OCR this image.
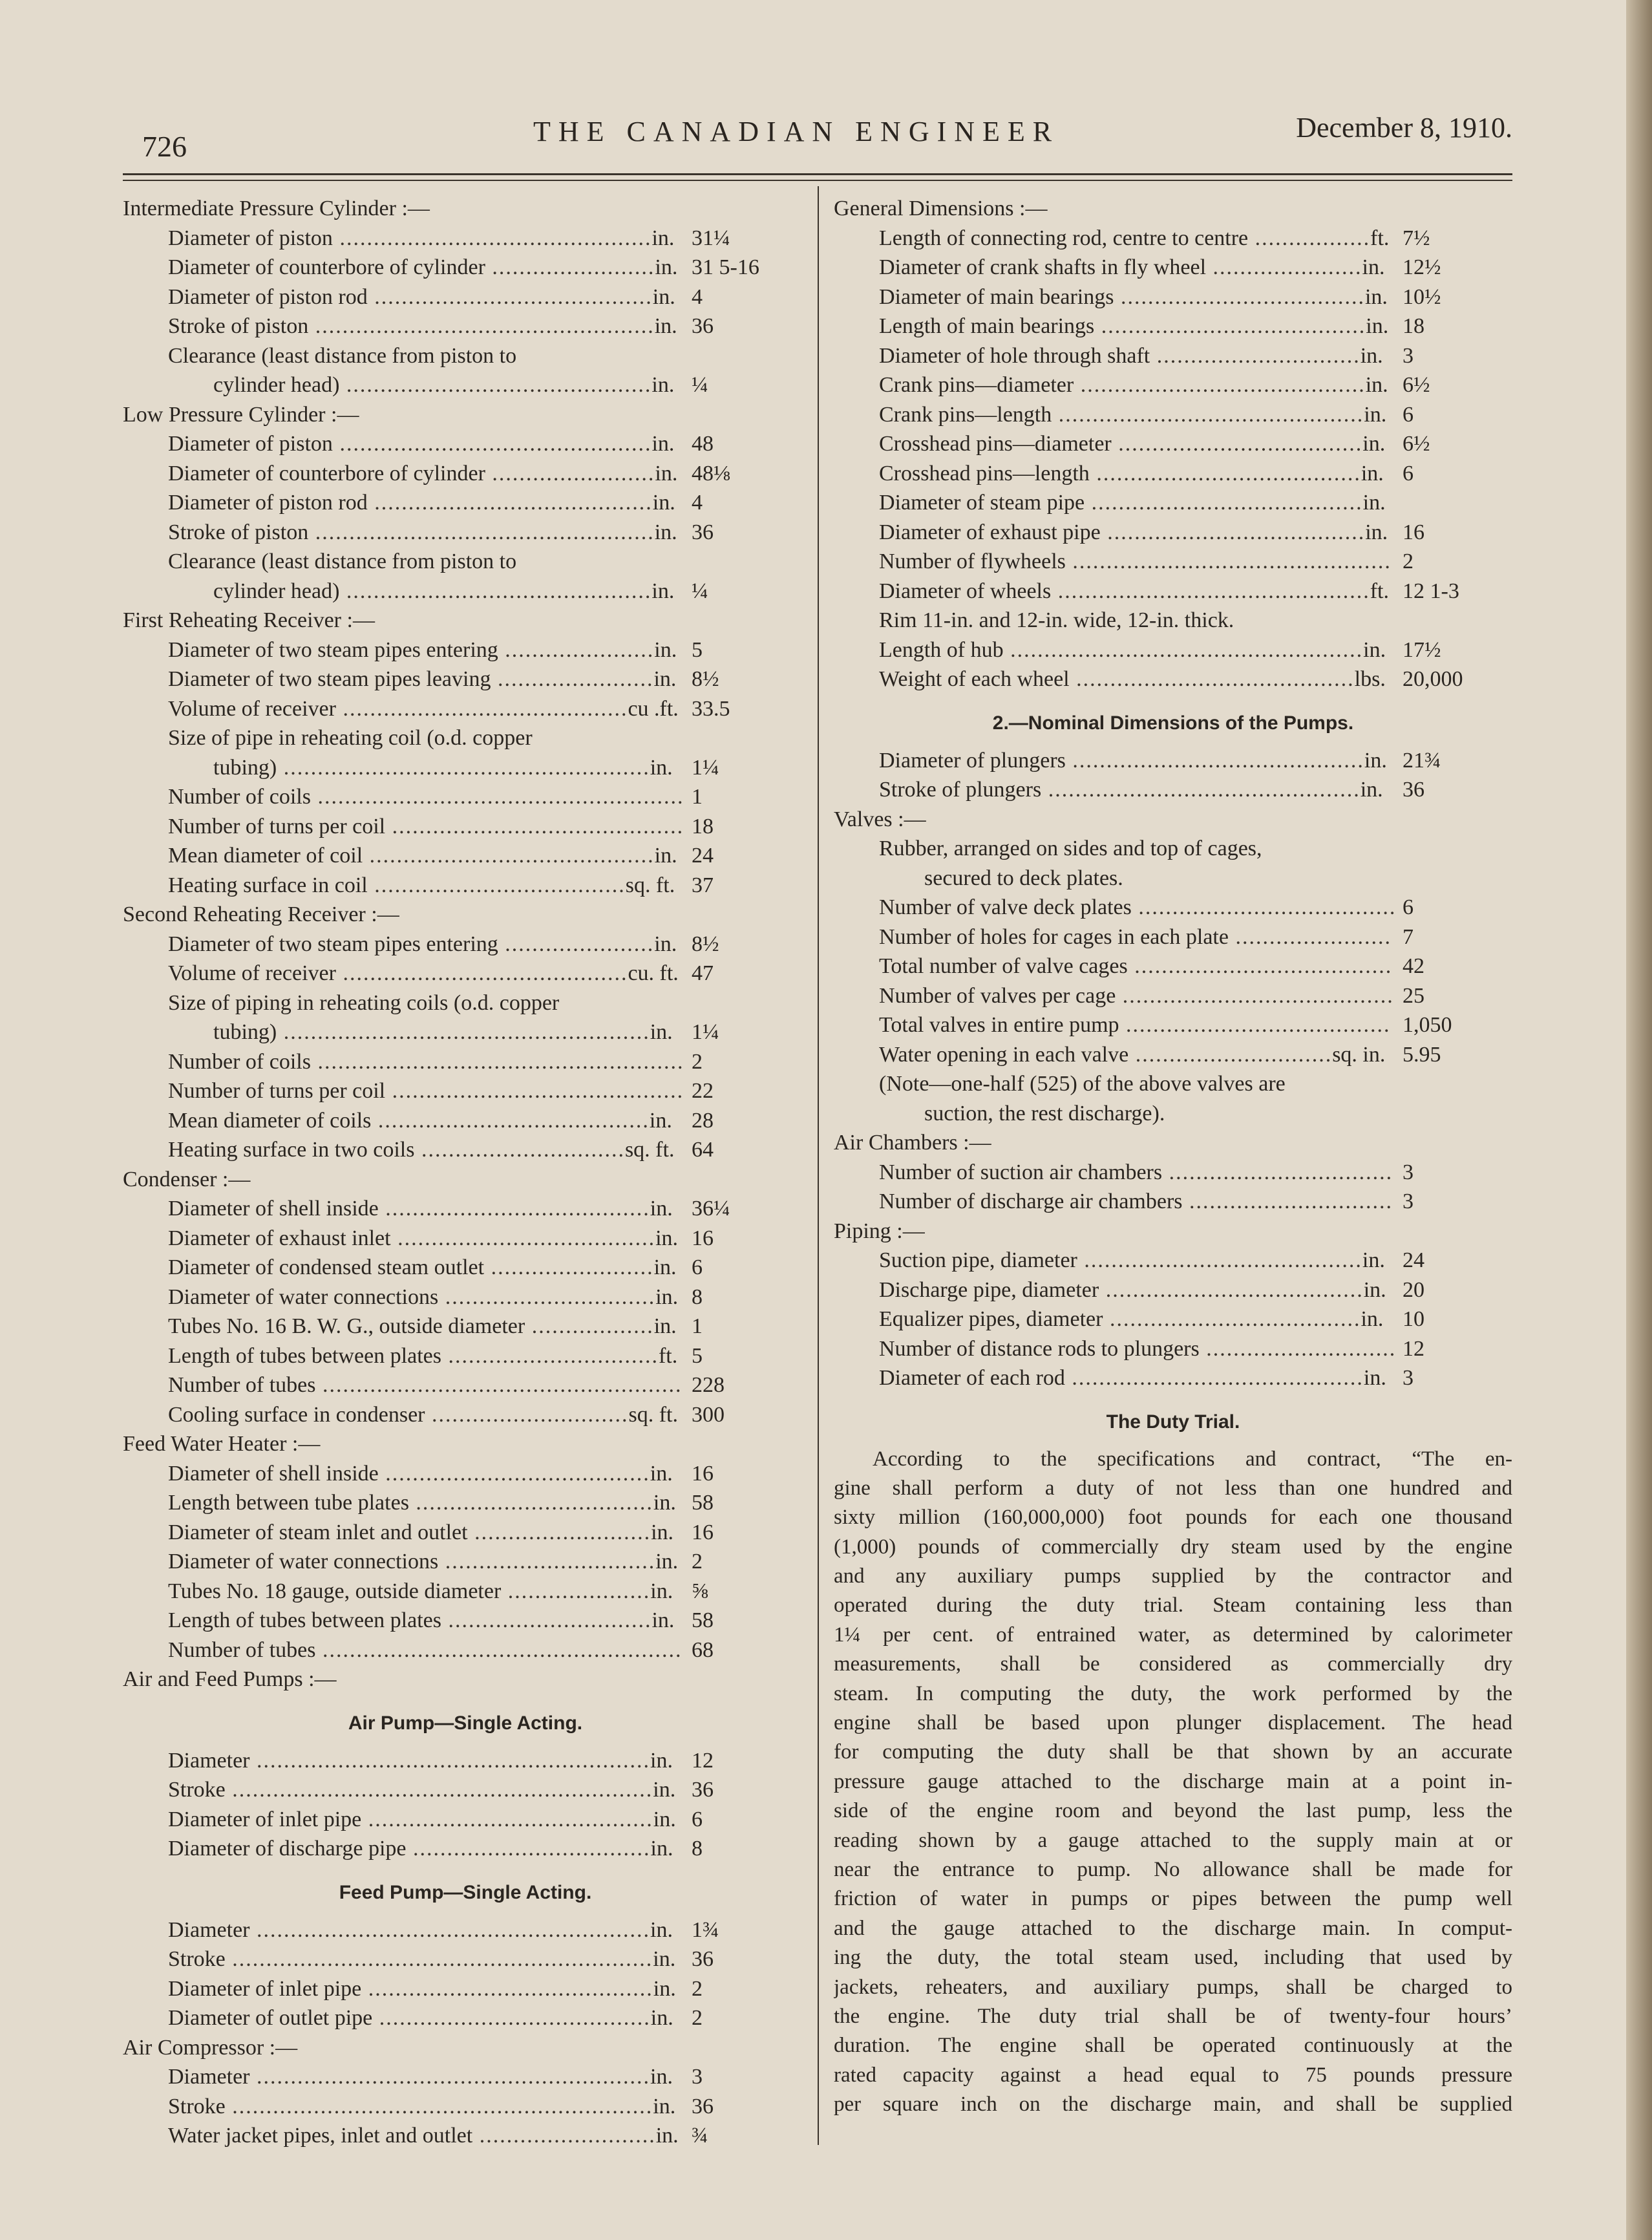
726	THE CANADIAN ENGINEER	December 8, 1910.
Intermediate Pressure Cylinder :—
Diameter of piston ..............................................in. 31¼
Diameter of counterbore of cylinder ........................in. 31 5-16
Diameter of piston rod .........................................in. 4
Stroke of piston ..................................................in. 36
Clearance (least distance from piston to
cylinder head) .............................................in. ¼
Low Pressure Cylinder :—
Diameter of piston ..............................................in. 48
Diameter of counterbore of cylinder ........................in. 48⅛
Diameter of piston rod .........................................in. 4
Stroke of piston ..................................................in. 36
Clearance (least distance from piston to
cylinder head) .............................................in. ¼
First Reheating Receiver :—
Diameter of two steam pipes entering ......................in. 5
Diameter of two steam pipes leaving .......................in. 8½
Volume of receiver ..........................................cu .ft. 33.5
Size of pipe in reheating coil (o.d. copper
tubing) ......................................................in. 1¼
Number of coils ...................................................... 1
Number of turns per coil ........................................... 18
Mean diameter of coil ..........................................in. 24
Heating surface in coil .....................................sq. ft. 37
Second Reheating Receiver :—
Diameter of two steam pipes entering ......................in. 8½
Volume of receiver ..........................................cu. ft. 47
Size of piping in reheating coils (o.d. copper
tubing) ......................................................in. 1¼
Number of coils ...................................................... 2
Number of turns per coil ........................................... 22
Mean diameter of coils ........................................in. 28
Heating surface in two coils ..............................sq. ft. 64
Condenser :—
Diameter of shell inside .......................................in. 36¼
Diameter of exhaust inlet ......................................in. 16
Diameter of condensed steam outlet ........................in. 6
Diameter of water connections ...............................in. 8
Tubes No. 16 B. W. G., outside diameter ..................in. 1
Length of tubes between plates ...............................ft. 5
Number of tubes ..................................................... 228
Cooling surface in condenser .............................sq. ft. 300
Feed Water Heater :—
Diameter of shell inside .......................................in. 16
Length between tube plates ...................................in. 58
Diameter of steam inlet and outlet ..........................in. 16
Diameter of water connections ...............................in. 2
Tubes No. 18 gauge, outside diameter .....................in. ⅝
Length of tubes between plates ..............................in. 58
Number of tubes ..................................................... 68
Air and Feed Pumps :—
Air Pump—Single Acting.
Diameter ..........................................................in. 12
Stroke ..............................................................in. 36
Diameter of inlet pipe ..........................................in. 6
Diameter of discharge pipe ...................................in. 8
Feed Pump—Single Acting.
Diameter ..........................................................in. 1¾
Stroke ..............................................................in. 36
Diameter of inlet pipe ..........................................in. 2
Diameter of outlet pipe ........................................in. 2
Air Compressor :—
Diameter ..........................................................in. 3
Stroke ..............................................................in. 36
Water jacket pipes, inlet and outlet ..........................in. ¾
General Dimensions :—
Length of connecting rod, centre to centre .................ft. 7½
Diameter of crank shafts in fly wheel ......................in. 12½
Diameter of main bearings ....................................in. 10½
Length of main bearings .......................................in. 18
Diameter of hole through shaft ..............................in. 3
Crank pins—diameter ..........................................in. 6½
Crank pins—length .............................................in. 6
Crosshead pins—diameter ....................................in. 6½
Crosshead pins—length .......................................in. 6
Diameter of steam pipe ........................................in.
Diameter of exhaust pipe ......................................in. 16
Number of flywheels ............................................... 2
Diameter of wheels ..............................................ft. 12 1-3
Rim 11-in. and 12-in. wide, 12-in. thick.
Length of hub ....................................................in. 17½
Weight of each wheel .........................................lbs. 20,000
2.—Nominal Dimensions of the Pumps.
Diameter of plungers ...........................................in. 21¾
Stroke of plungers ..............................................in. 36
Valves :—
Rubber, arranged on sides and top of cages,
secured to deck plates.
Number of valve deck plates ...................................... 6
Number of holes for cages in each plate ....................... 7
Total number of valve cages ...................................... 42
Number of valves per cage ........................................ 25
Total valves in entire pump ....................................... 1,050
Water opening in each valve .............................sq. in. 5.95
(Note—one-half (525) of the above valves are
suction, the rest discharge).
Air Chambers :—
Number of suction air chambers ................................. 3
Number of discharge air chambers .............................. 3
Piping :—
Suction pipe, diameter .........................................in. 24
Discharge pipe, diameter ......................................in. 20
Equalizer pipes, diameter .....................................in. 10
Number of distance rods to plungers ............................ 12
Diameter of each rod ...........................................in. 3
The Duty Trial.
According to the specifications and contract, “The en-
gine shall perform a duty of not less than one hundred and
sixty million (160,000,000) foot pounds for each one thousand
(1,000) pounds of commercially dry steam used by the engine
and any auxiliary pumps supplied by the contractor and
operated during the duty trial. Steam containing less than
1¼ per cent. of entrained water, as determined by calorimeter
measurements, shall be considered as commercially dry
steam. In computing the duty, the work performed by the
engine shall be based upon plunger displacement. The head
for computing the duty shall be that shown by an accurate
pressure gauge attached to the discharge main at a point in-
side of the engine room and beyond the last pump, less the
reading shown by a gauge attached to the supply main at or
near the entrance to pump. No allowance shall be made for
friction of water in pumps or pipes between the pump well
and the gauge attached to the discharge main. In comput-
ing the duty, the total steam used, including that used by
jackets, reheaters, and auxiliary pumps, shall be charged to
the engine. The duty trial shall be of twenty-four hours’
duration. The engine shall be operated continuously at the
rated capacity against a head equal to 75 pounds pressure
per square inch on the discharge main, and shall be supplied
